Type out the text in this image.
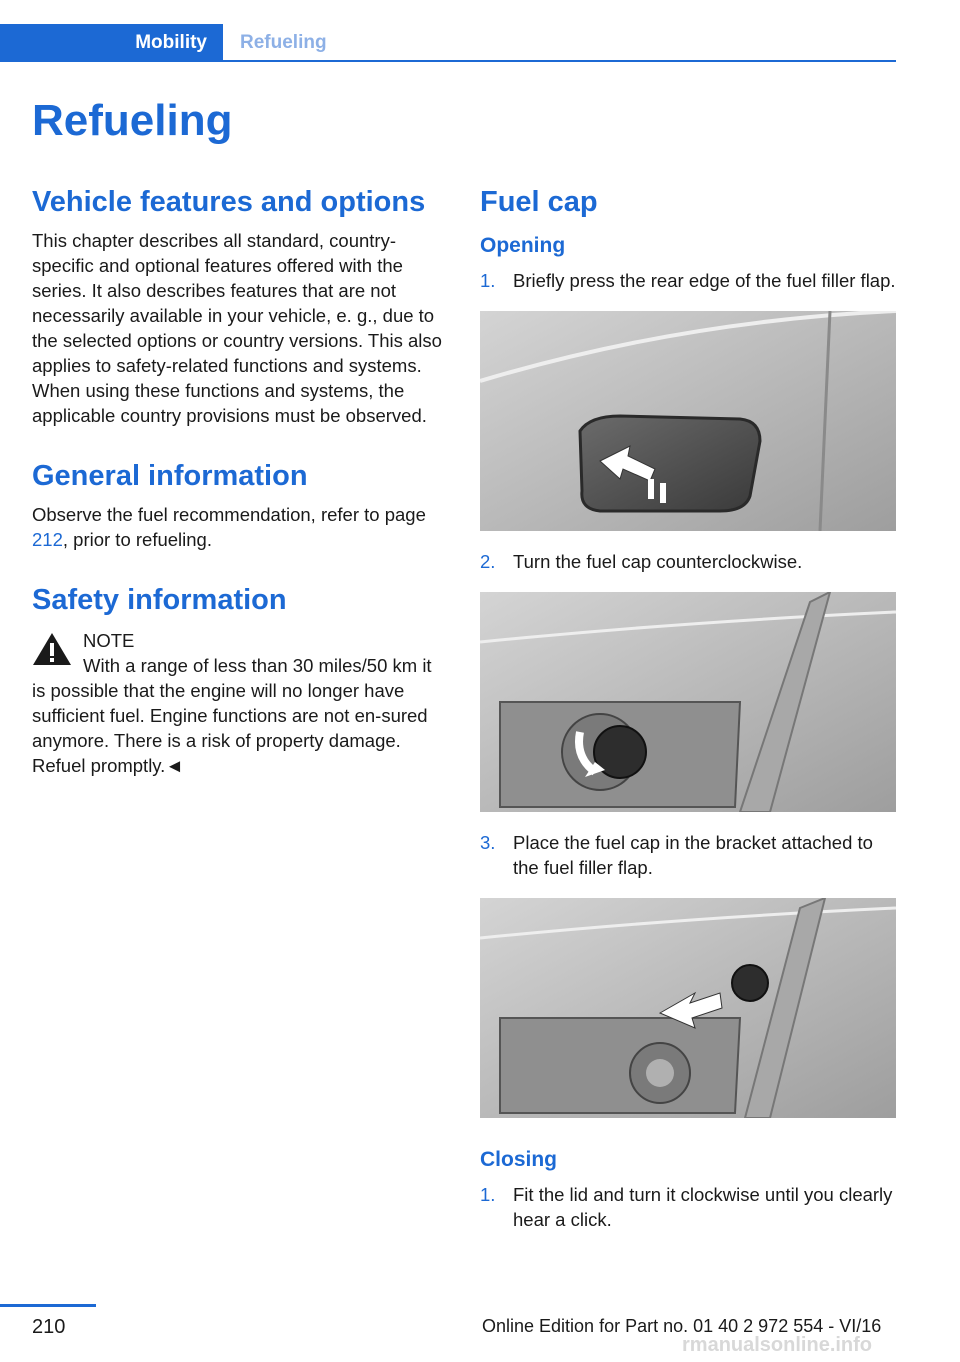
Mobility Refueling
Refueling
Vehicle features and options

This chapter describes all standard, country-specific and optional features offered with the series. It also describes features that are not necessarily available in your vehicle, e. g., due to the selected options or country versions. This also applies to safety-related functions and systems. When using these functions and systems, the applicable country provisions must be observed.

General information

Observe the fuel recommendation, refer to page 212, prior to refueling.

Safety information
NOTE
With a range of less than 30 miles/50 km it is possible that the engine will no longer have sufficient fuel. Engine functions are not en-sured anymore. There is a risk of property damage. Refuel promptly.◄
Fuel cap
Opening
1. Briefly press the rear edge of the fuel filler flap.
2. Turn the fuel cap counterclockwise.
3. Place the fuel cap in the bracket attached to the fuel filler flap.
Closing
1. Fit the lid and turn it clockwise until you clearly hear a click.
210	Online Edition for Part no. 01 40 2 972 554 - VI/16
rmanualsonline.info
